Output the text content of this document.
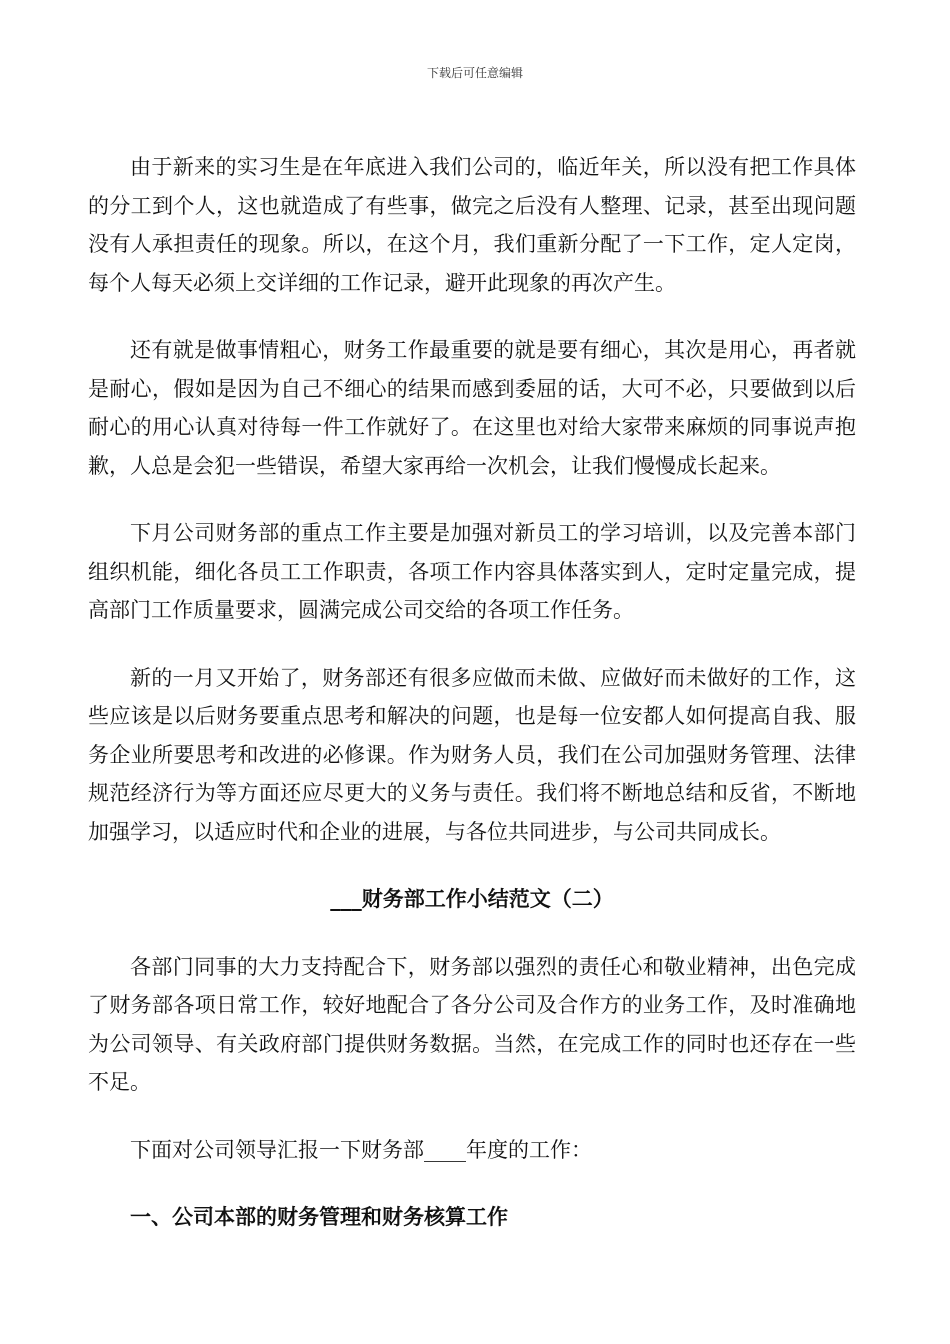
下载后可任意编辑

由于新来的实习生是在年底进入我们公司的，临近年关，所以没有把工作具体的分工到个人，这也就造成了有些事，做完之后没有人整理、记录，甚至出现问题没有人承担责任的现象。所以，在这个月，我们重新分配了一下工作，定人定岗，每个人每天必须上交详细的工作记录，避开此现象的再次产生。

还有就是做事情粗心，财务工作最重要的就是要有细心，其次是用心，再者就是耐心，假如是因为自己不细心的结果而感到委屈的话，大可不必，只要做到以后耐心的用心认真对待每一件工作就好了。在这里也对给大家带来麻烦的同事说声抱歉，人总是会犯一些错误，希望大家再给一次机会，让我们慢慢成长起来。

下月公司财务部的重点工作主要是加强对新员工的学习培训，以及完善本部门组织机能，细化各员工工作职责，各项工作内容具体落实到人，定时定量完成，提高部门工作质量要求，圆满完成公司交给的各项工作任务。

新的一月又开始了，财务部还有很多应做而未做、应做好而未做好的工作，这些应该是以后财务要重点思考和解决的问题，也是每一位安都人如何提高自我、服务企业所要思考和改进的必修课。作为财务人员，我们在公司加强财务管理、法律规范经济行为等方面还应尽更大的义务与责任。我们将不断地总结和反省，不断地加强学习，以适应时代和企业的进展，与各位共同进步，与公司共同成长。

___财务部工作小结范文（二）

各部门同事的大力支持配合下，财务部以强烈的责任心和敬业精神，出色完成了财务部各项日常工作，较好地配合了各分公司及合作方的业务工作，及时准确地为公司领导、有关政府部门提供财务数据。当然，在完成工作的同时也还存在一些不足。

下面对公司领导汇报一下财务部____年度的工作：

一、公司本部的财务管理和财务核算工作
